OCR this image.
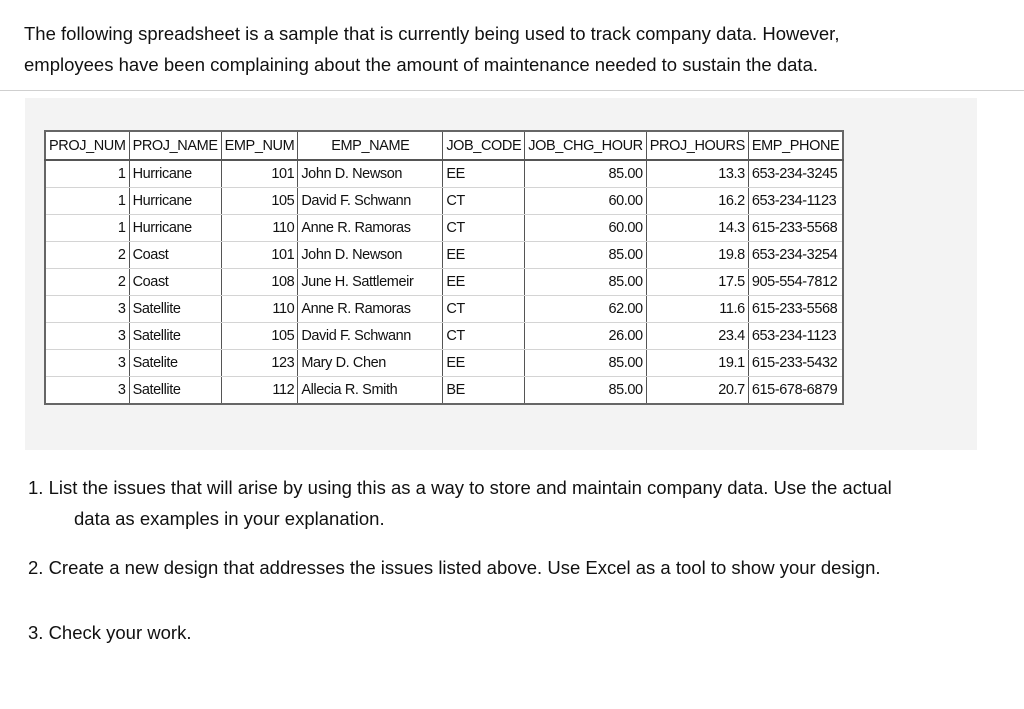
The following spreadsheet is a sample that is currently being used to track company data. However,

employees have been complaining about the amount of maintenance needed to sustain the data.

PROJ_NUM	PROJ_NAME	EMP_NUM	EMP_NAME	JOB_CODE	JOB_CHG_HOUR	PROJ_HOURS	EMP_PHONE
1	Hurricane	101	John D. Newson	EE	85.00	13.3	653-234-3245
1	Hurricane	105	David F. Schwann	CT	60.00	16.2	653-234-1123
1	Hurricane	110	Anne R. Ramoras	CT	60.00	14.3	615-233-5568
2	Coast	101	John D. Newson	EE	85.00	19.8	653-234-3254
2	Coast	108	June H. Sattlemeir	EE	85.00	17.5	905-554-7812
3	Satellite	110	Anne R. Ramoras	CT	62.00	11.6	615-233-5568
3	Satellite	105	David F. Schwann	CT	26.00	23.4	653-234-1123
3	Satelite	123	Mary D. Chen	EE	85.00	19.1	615-233-5432
3	Satellite	112	Allecia R. Smith	BE	85.00	20.7	615-678-6879

1. List the issues that will arise by using this as a way to store and maintain company data. Use the actual

data as examples in your explanation.

2. Create a new design that addresses the issues listed above. Use Excel as a tool to show your design.

3. Check your work.
